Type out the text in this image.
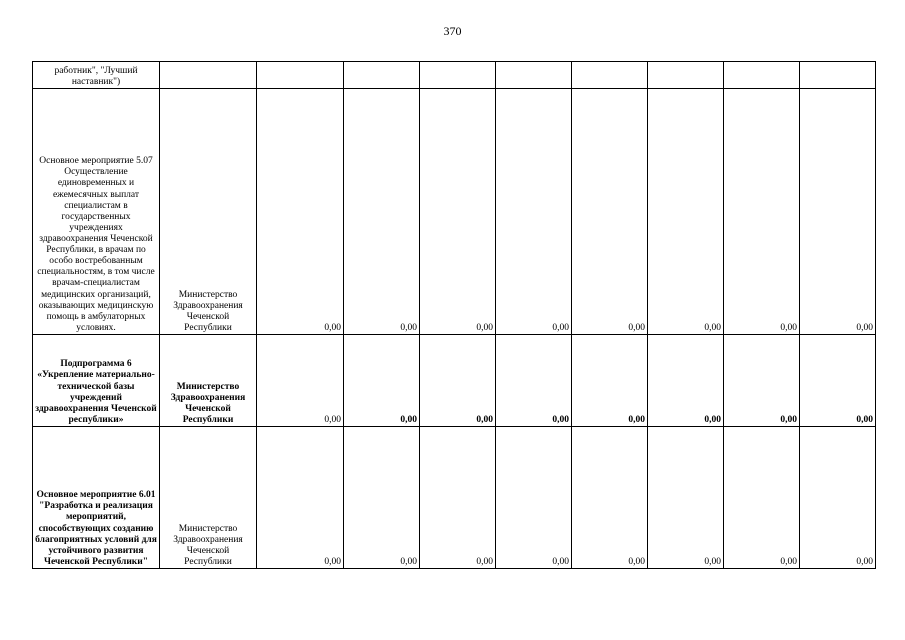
370
работник", "Лучший наставник")									
Основное мероприятие 5.07 Осуществление единовременных и ежемесячных выплат специалистам в государственных учреждениях здравоохранения Чеченской Республики, в врачам по особо востребованным специальностям, в том числе врачам-специалистам медицинских организаций, оказывающих медицинскую помощь в амбулаторных условиях.	Министерство Здравоохранения Чеченской Республики	0,00	0,00	0,00	0,00	0,00	0,00	0,00	0,00
Подпрограмма 6 «Укрепление материально-технической базы учреждений здравоохранения Чеченской республики»	Министерство Здравоохранения Чеченской Республики	0,00	0,00	0,00	0,00	0,00	0,00	0,00	0,00
Основное мероприятие 6.01 "Разработка и реализация мероприятий, способствующих созданию благоприятных условий для устойчивого развития Чеченской Республики"	Министерство Здравоохранения Чеченской Республики	0,00	0,00	0,00	0,00	0,00	0,00	0,00	0,00
